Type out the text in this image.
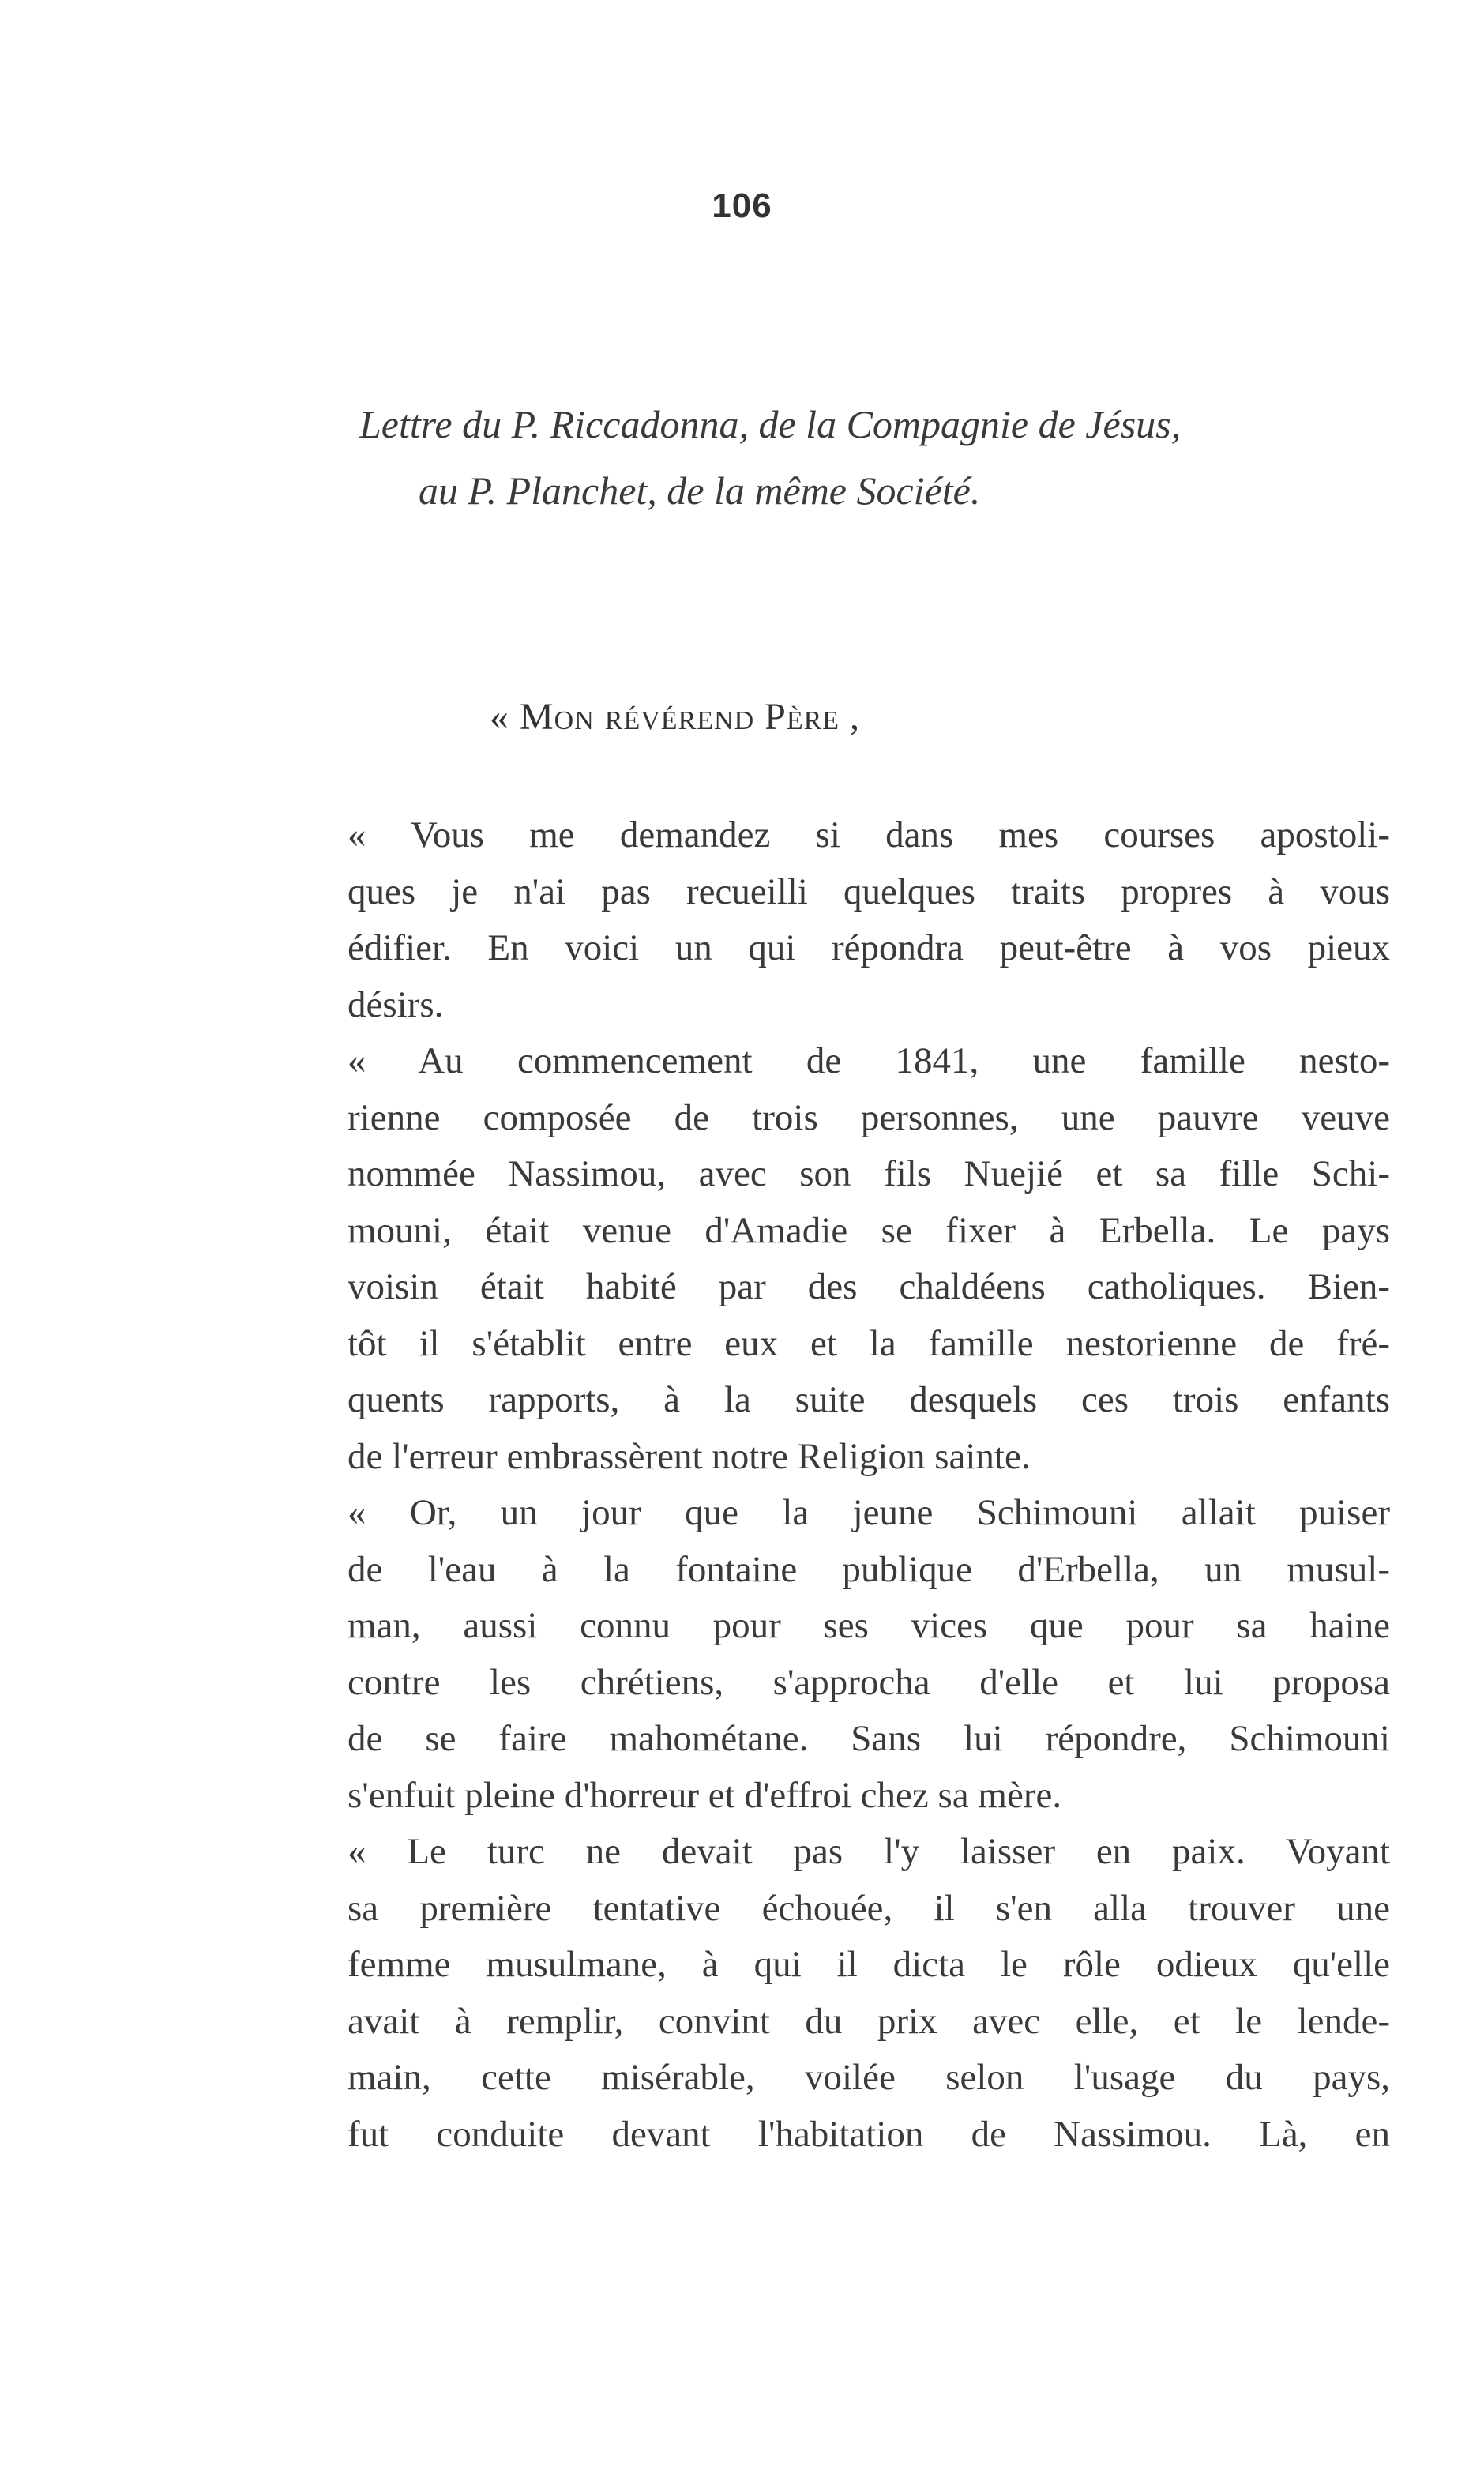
106
Lettre du P. Riccadonna, de la Compagnie de Jésus,
au P. Planchet, de la même Société.
« Mon révérend Père ,
« Vous me demandez si dans mes courses apostoli-
ques je n'ai pas recueilli quelques traits propres à vous
édifier. En voici un qui répondra peut-être à vos pieux
désirs.
« Au commencement de 1841, une famille nesto-
rienne composée de trois personnes, une pauvre veuve
nommée Nassimou, avec son fils Nuejié et sa fille Schi-
mouni, était venue d'Amadie se fixer à Erbella. Le pays
voisin était habité par des chaldéens catholiques. Bien-
tôt il s'établit entre eux et la famille nestorienne de fré-
quents rapports, à la suite desquels ces trois enfants
de l'erreur embrassèrent notre Religion sainte.
« Or, un jour que la jeune Schimouni allait puiser
de l'eau à la fontaine publique d'Erbella, un musul-
man, aussi connu pour ses vices que pour sa haine
contre les chrétiens, s'approcha d'elle et lui proposa
de se faire mahométane. Sans lui répondre, Schimouni
s'enfuit pleine d'horreur et d'effroi chez sa mère.
« Le turc ne devait pas l'y laisser en paix. Voyant
sa première tentative échouée, il s'en alla trouver une
femme musulmane, à qui il dicta le rôle odieux qu'elle
avait à remplir, convint du prix avec elle, et le lende-
main, cette misérable, voilée selon l'usage du pays,
fut conduite devant l'habitation de Nassimou. Là, en
